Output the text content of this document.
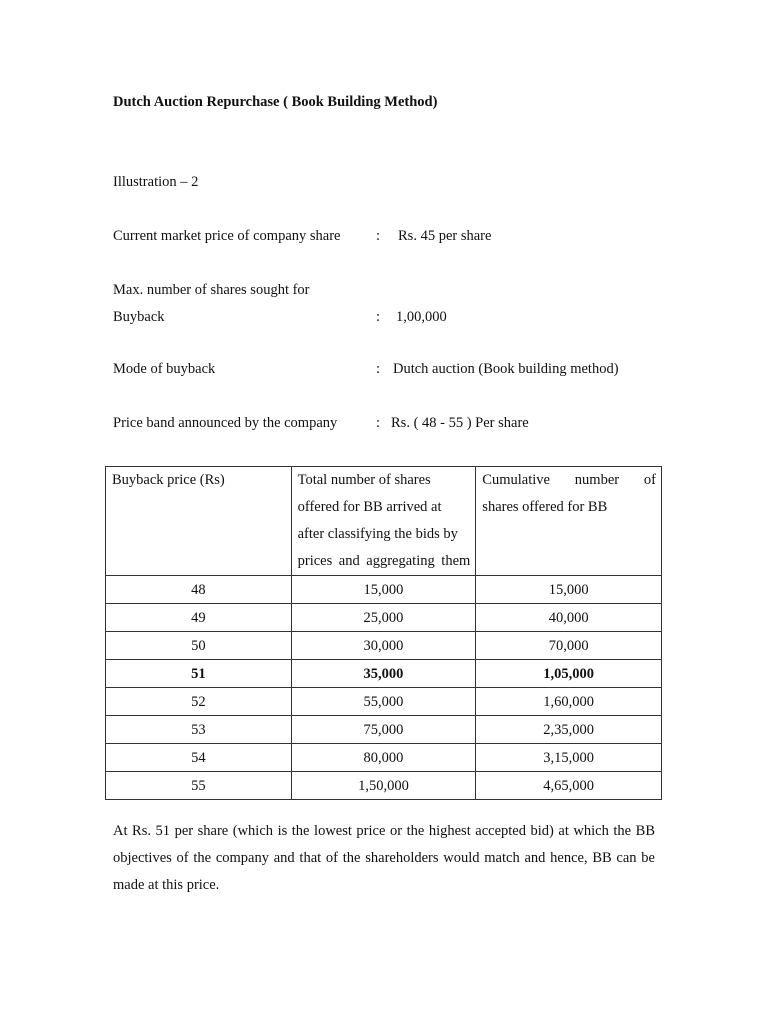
Dutch Auction Repurchase ( Book Building Method)
Illustration – 2
Current market price of company share : Rs. 45 per share
Max. number of shares sought for
Buyback	: 1,00,000
Mode of buyback	: Dutch auction (Book building method)
Price band announced by the company	: Rs. ( 48 - 55 ) Per share
Buyback price (Rs)	Total number of shares offered for BB arrived at after classifying the bids by prices and aggregating them	Cumulative number of
shares offered for BB

48	15,000	15,000
49	25,000	40,000
50	30,000	70,000
51	35,000	1,05,000
52	55,000	1,60,000
53	75,000	2,35,000
54	80,000	3,15,000
55	1,50,000	4,65,000
At Rs. 51 per share (which is the lowest price or the highest accepted bid) at which the BB objectives of the company and that of the shareholders would match and hence, BB can be made at this price.
